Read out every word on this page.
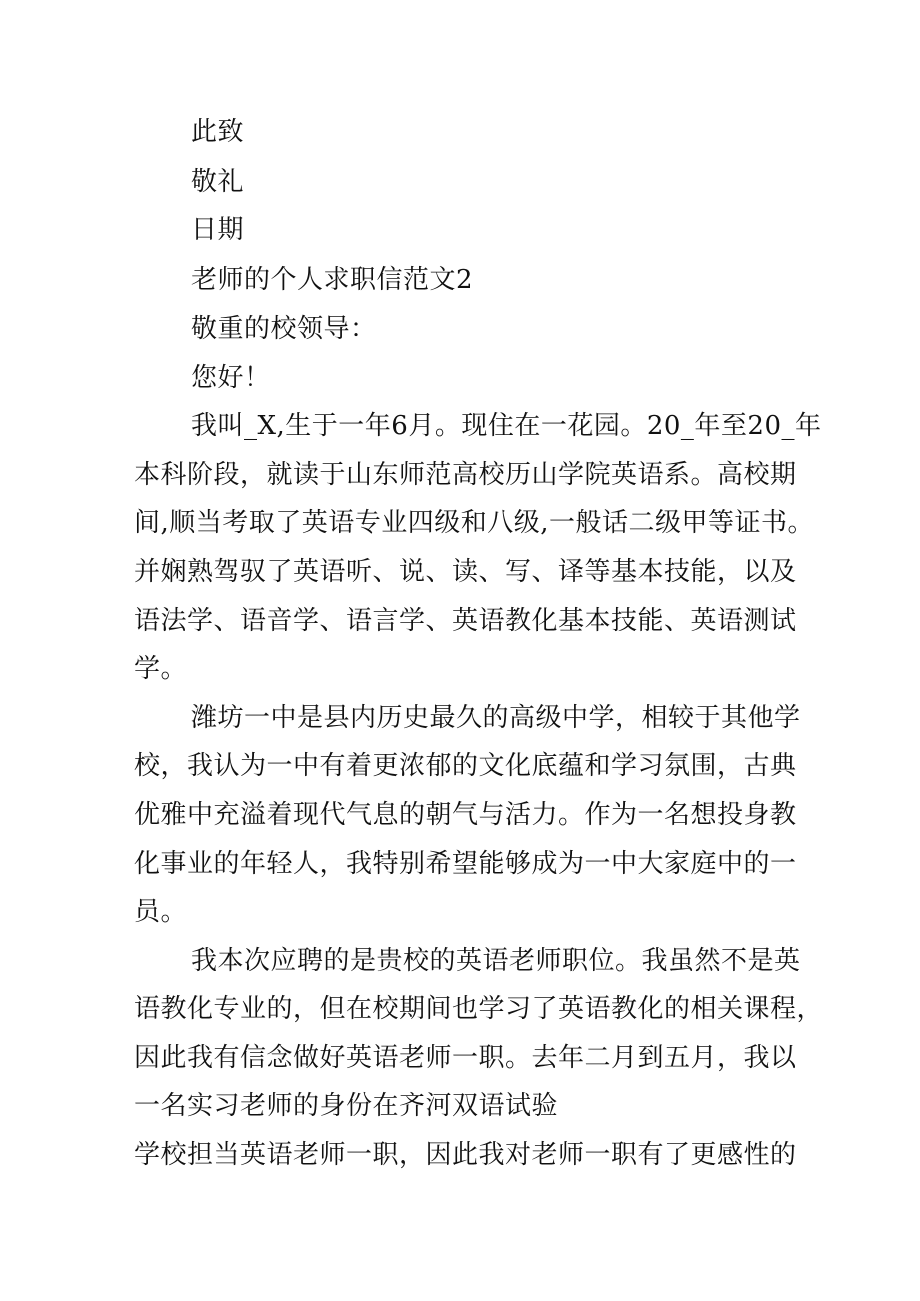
此致
敬礼
日期
老师的个人求职信范文2
敬重的校领导：
您好！
我叫_X,生于一年6月。现住在一花园。20_年至20_年
本科阶段，就读于山东师范高校历山学院英语系。高校期
间,顺当考取了英语专业四级和八级,一般话二级甲等证书。
并娴熟驾驭了英语听、说、读、写、译等基本技能，以及
语法学、语音学、语言学、英语教化基本技能、英语测试
学。
潍坊一中是县内历史最久的高级中学，相较于其他学
校，我认为一中有着更浓郁的文化底蕴和学习氛围，古典
优雅中充溢着现代气息的朝气与活力。作为一名想投身教
化事业的年轻人，我特别希望能够成为一中大家庭中的一
员。
我本次应聘的是贵校的英语老师职位。我虽然不是英
语教化专业的，但在校期间也学习了英语教化的相关课程，
因此我有信念做好英语老师一职。去年二月到五月，我以
一名实习老师的身份在齐河双语试验
学校担当英语老师一职，因此我对老师一职有了更感性的
